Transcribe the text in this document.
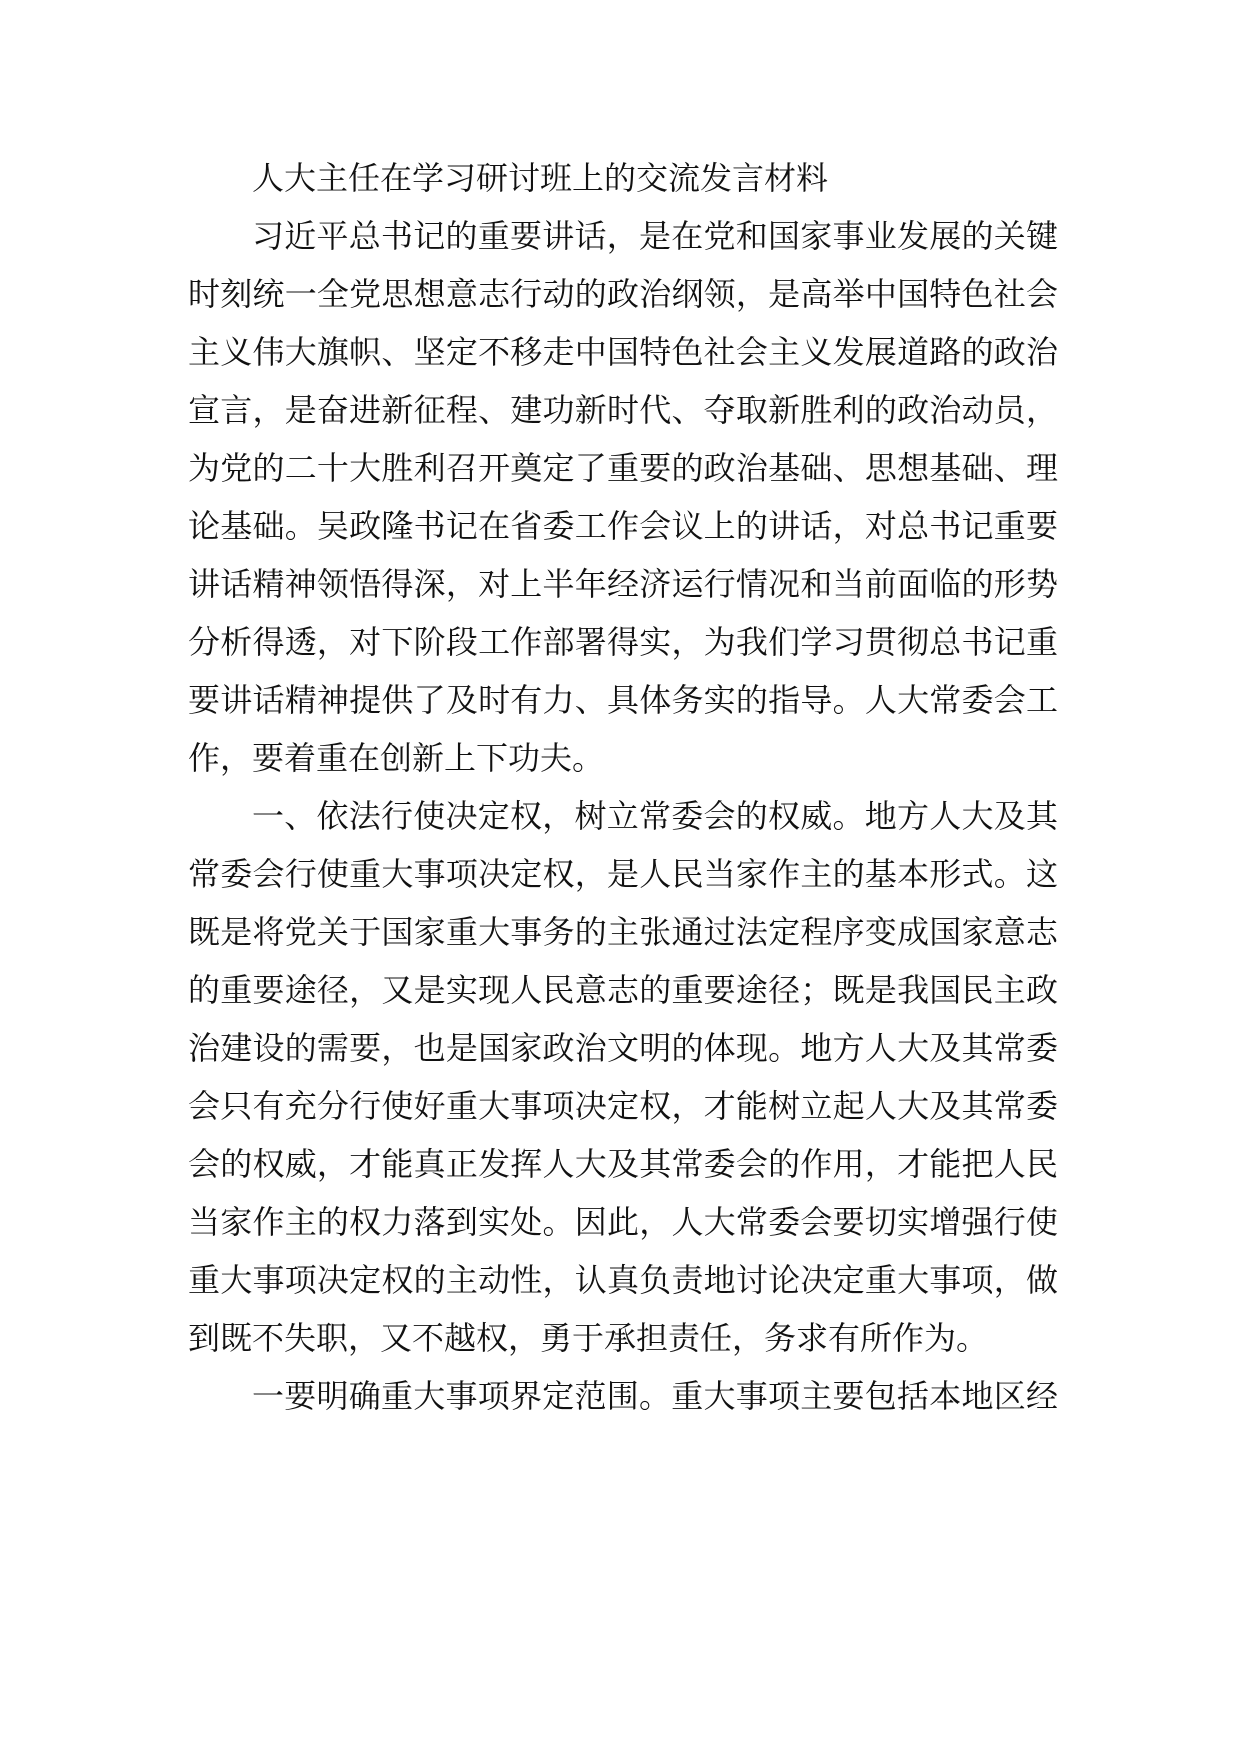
人大主任在学习研讨班上的交流发言材料
习近平总书记的重要讲话，是在党和国家事业发展的关键
时刻统一全党思想意志行动的政治纲领，是高举中国特色社会
主义伟大旗帜、坚定不移走中国特色社会主义发展道路的政治
宣言，是奋进新征程、建功新时代、夺取新胜利的政治动员，
为党的二十大胜利召开奠定了重要的政治基础、思想基础、理
论基础。吴政隆书记在省委工作会议上的讲话，对总书记重要
讲话精神领悟得深，对上半年经济运行情况和当前面临的形势
分析得透，对下阶段工作部署得实，为我们学习贯彻总书记重
要讲话精神提供了及时有力、具体务实的指导。人大常委会工
作，要着重在创新上下功夫。
一、依法行使决定权，树立常委会的权威。地方人大及其
常委会行使重大事项决定权，是人民当家作主的基本形式。这
既是将党关于国家重大事务的主张通过法定程序变成国家意志
的重要途径，又是实现人民意志的重要途径；既是我国民主政
治建设的需要，也是国家政治文明的体现。地方人大及其常委
会只有充分行使好重大事项决定权，才能树立起人大及其常委
会的权威，才能真正发挥人大及其常委会的作用，才能把人民
当家作主的权力落到实处。因此，人大常委会要切实增强行使
重大事项决定权的主动性，认真负责地讨论决定重大事项，做
到既不失职，又不越权，勇于承担责任，务求有所作为。
一要明确重大事项界定范围。重大事项主要包括本地区经
